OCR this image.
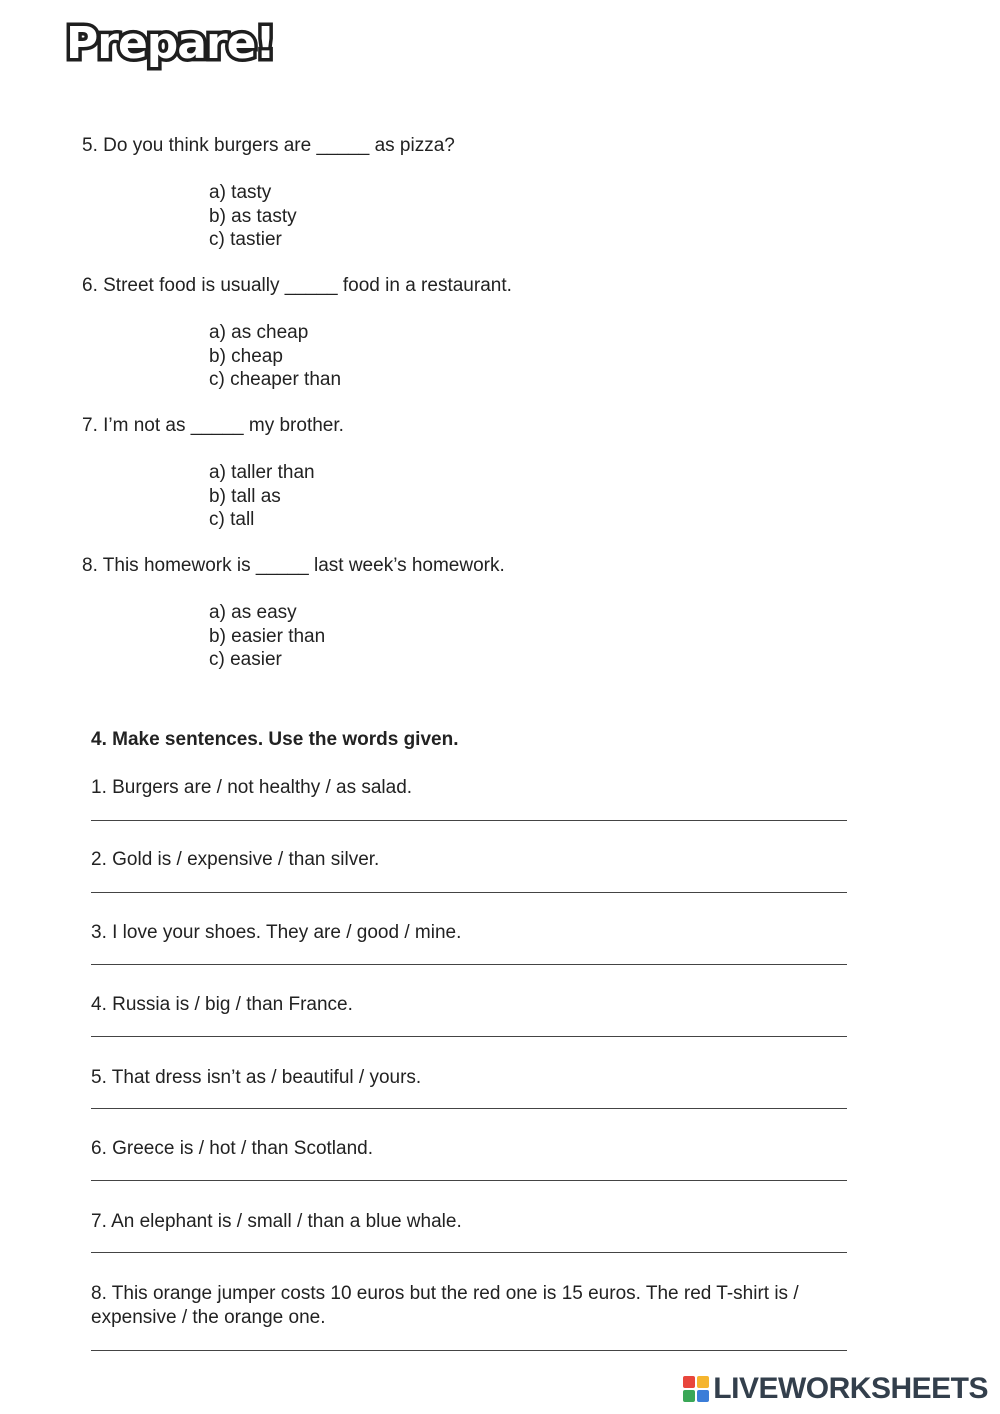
Prepare!
5. Do you think burgers are _____ as pizza?
a) tasty
b) as tasty
c) tastier
6. Street food is usually _____ food in a restaurant.
a) as cheap
b) cheap
c) cheaper than
7. I’m not as _____ my brother.
a) taller than
b) tall as
c) tall
8. This homework is _____ last week’s homework.
a) as easy
b) easier than
c) easier
4. Make sentences. Use the words given.
1. Burgers are / not healthy / as salad.
2. Gold is / expensive / than silver.
3. I love your shoes. They are / good / mine.
4. Russia is / big / than France.
5. That dress isn’t as / beautiful / yours.
6. Greece is / hot / than Scotland.
7. An elephant is / small / than a blue whale.
8. This orange jumper costs 10 euros but the red one is 15 euros. The red T-shirt is / expensive / the orange one.
LIVEWORKSHEETS
